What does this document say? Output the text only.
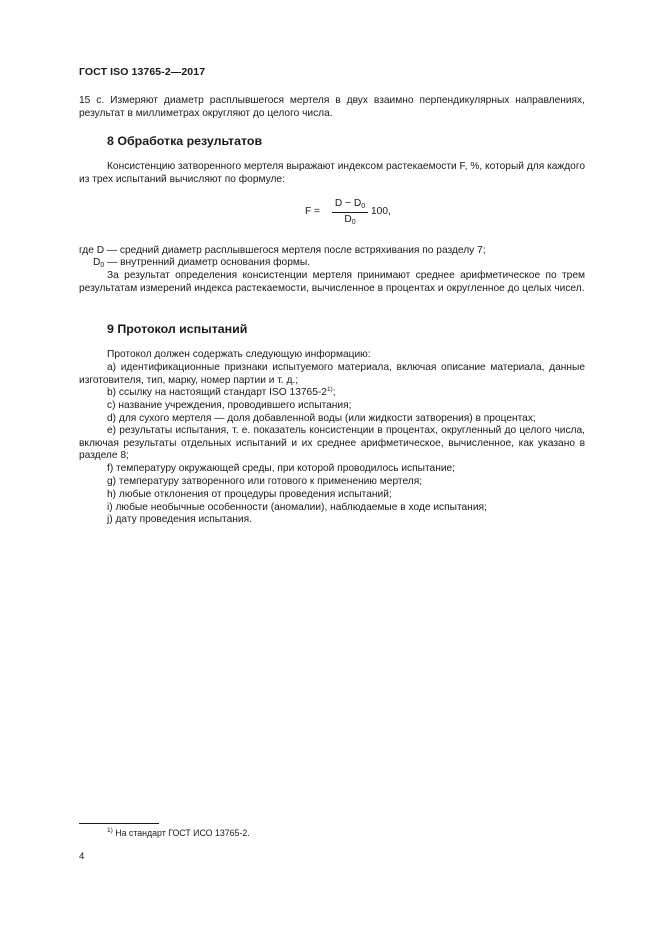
ГОСТ ISO 13765-2—2017
15 с. Измеряют диаметр расплывшегося мертеля в двух взаимно перпендикулярных направлениях, результат в миллиметрах округляют до целого числа.
8 Обработка результатов
Консистенцию затворенного мертеля выражают индексом растекаемости F, %, который для каждого из трех испытаний вычисляют по формуле:
F =
$D - D_0$
$D_0$
100,
где D — средний диаметр расплывшегося мертеля после встряхивания по разделу 7;
$D_0$ — внутренний диаметр основания формы.
За результат определения консистенции мертеля принимают среднее арифметическое по трем результатам измерений индекса растекаемости, вычисленное в процентах и округленное до целых чисел.
9 Протокол испытаний
Протокол должен содержать следующую информацию:
a) идентификационные признаки испытуемого материала, включая описание материала, данные изготовителя, тип, марку, номер партии и т. д.;
b) ссылку на настоящий стандарт ISO 13765-2$^{1)}$;
c) название учреждения, проводившего испытания;
d) для сухого мертеля — доля добавленной воды (или жидкости затворения) в процентах;
e) результаты испытания, т. е. показатель консистенции в процентах, округленный до целого числа, включая результаты отдельных испытаний и их среднее арифметическое, вычисленное, как указано в разделе 8;
f) температуру окружающей среды, при которой проводилось испытание;
g) температуру затворенного или готового к применению мертеля;
h) любые отклонения от процедуры проведения испытаний;
i) любые необычные особенности (аномалии), наблюдаемые в ходе испытания;
j) дату проведения испытания.
$^{1)}$ На стандарт ГОСТ ИСО 13765-2.
4
